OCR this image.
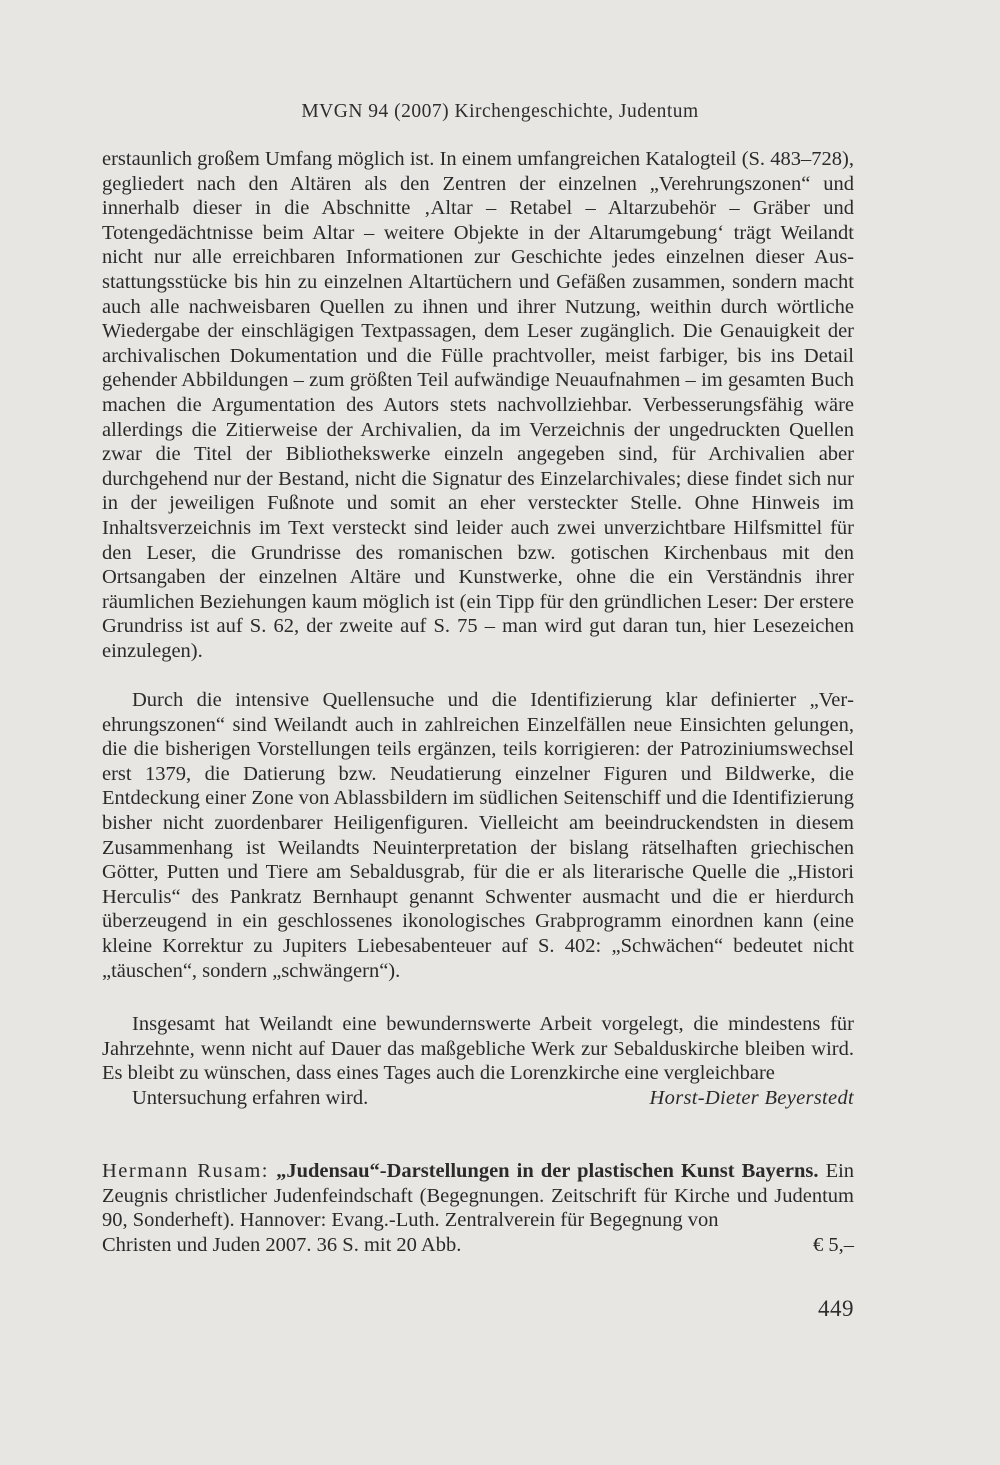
MVGN 94 (2007) Kirchengeschichte, Judentum

erstaunlich großem Umfang möglich ist. In einem umfangreichen Katalogteil (S. 483–728), gegliedert nach den Altären als den Zentren der einzelnen „Verehrungszonen“ und innerhalb dieser in die Abschnitte ‚Altar – Retabel – Altarzubehör – Gräber und Totengedächtnisse beim Altar – weitere Objekte in der Altarumgebung‘ trägt Weilandt nicht nur alle erreichbaren Informationen zur Geschichte jedes einzelnen dieser Ausstattungsstücke bis hin zu einzelnen Altartüchern und Gefäßen zusammen, sondern macht auch alle nachweisbaren Quellen zu ihnen und ihrer Nutzung, weithin durch wörtliche Wiedergabe der einschlägigen Textpassagen, dem Leser zugänglich. Die Genauigkeit der archivalischen Dokumentation und die Fülle prachtvoller, meist farbiger, bis ins Detail gehender Abbildungen – zum größten Teil aufwändige Neuaufnahmen – im gesamten Buch machen die Argumentation des Autors stets nachvollziehbar. Verbesserungsfähig wäre allerdings die Zitierweise der Archivalien, da im Verzeichnis der ungedruckten Quellen zwar die Titel der Bibliothekswerke einzeln angegeben sind, für Archivalien aber durchgehend nur der Bestand, nicht die Signatur des Einzelarchivales; diese findet sich nur in der jeweiligen Fußnote und somit an eher versteckter Stelle. Ohne Hinweis im Inhaltsverzeichnis im Text versteckt sind leider auch zwei unverzichtbare Hilfsmittel für den Leser, die Grundrisse des romanischen bzw. gotischen Kirchenbaus mit den Ortsangaben der einzelnen Altäre und Kunstwerke, ohne die ein Verständnis ihrer räumlichen Beziehungen kaum möglich ist (ein Tipp für den gründlichen Leser: Der erstere Grundriss ist auf S. 62, der zweite auf S. 75 – man wird gut daran tun, hier Lesezeichen einzulegen).

Durch die intensive Quellensuche und die Identifizierung klar definierter „Verehrungszonen“ sind Weilandt auch in zahlreichen Einzelfällen neue Einsichten gelungen, die die bisherigen Vorstellungen teils ergänzen, teils korrigieren: der Patroziniumswechsel erst 1379, die Datierung bzw. Neudatierung einzelner Figuren und Bildwerke, die Entdeckung einer Zone von Ablassbildern im südlichen Seitenschiff und die Identifizierung bisher nicht zuordenbarer Heiligenfiguren. Vielleicht am beeindruckendsten in diesem Zusammenhang ist Weilandts Neuinterpretation der bislang rätselhaften griechischen Götter, Putten und Tiere am Sebaldusgrab, für die er als literarische Quelle die „Histori Herculis“ des Pankratz Bernhaupt genannt Schwenter ausmacht und die er hierdurch überzeugend in ein geschlossenes ikonologisches Grabprogramm einordnen kann (eine kleine Korrektur zu Jupiters Liebesabenteuer auf S. 402: „Schwächen“ bedeutet nicht „täuschen“, sondern „schwängern“).

Insgesamt hat Weilandt eine bewundernswerte Arbeit vorgelegt, die mindestens für Jahrzehnte, wenn nicht auf Dauer das maßgebliche Werk zur Sebalduskirche bleiben wird. Es bleibt zu wünschen, dass eines Tages auch die Lorenzkirche eine vergleichbare

Untersuchung erfahren wird.	Horst-Dieter Beyerstedt

Hermann Rusam: „Judensau“-Darstellungen in der plastischen Kunst Bayerns. Ein Zeugnis christlicher Judenfeindschaft (Begegnungen. Zeitschrift für Kirche und Judentum 90, Sonderheft). Hannover: Evang.-Luth. Zentralverein für Begegnung von

Christen und Juden 2007. 36 S. mit 20 Abb.	€ 5,–
449
